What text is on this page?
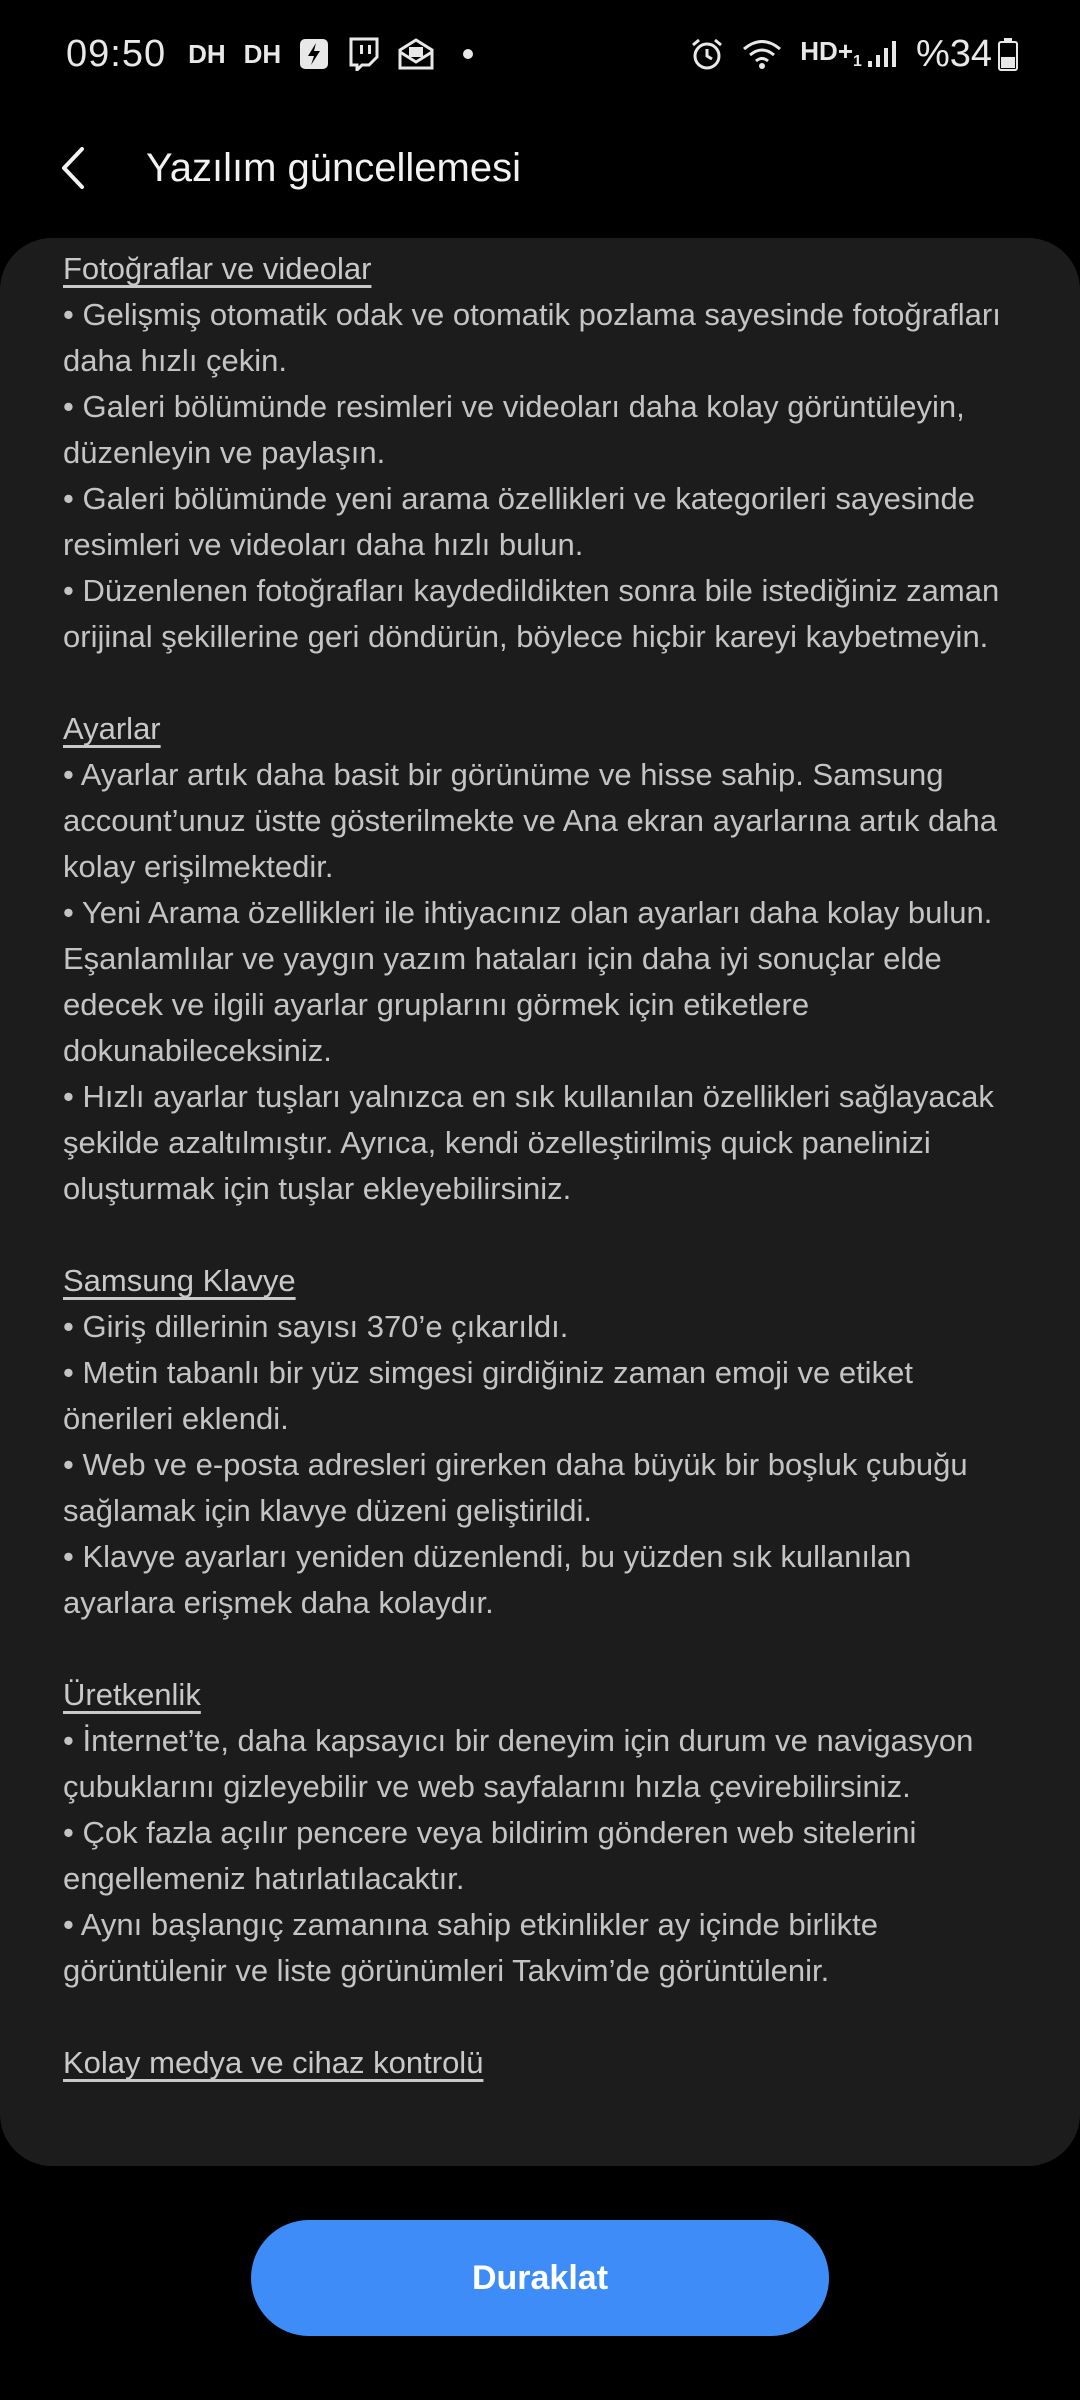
09:50 DH DH	$HD+_1$ %34
Yazılım güncellemesi
Fotoğraflar ve videolar

• Gelişmiş otomatik odak ve otomatik pozlama sayesinde fotoğrafları daha hızlı çekin.

• Galeri bölümünde resimleri ve videoları daha kolay görüntüleyin, düzenleyin ve paylaşın.

• Galeri bölümünde yeni arama özellikleri ve kategorileri sayesinde resimleri ve videoları daha hızlı bulun.

• Düzenlenen fotoğrafları kaydedildikten sonra bile istediğiniz zaman orijinal şekillerine geri döndürün, böylece hiçbir kareyi kaybetmeyin.

Ayarlar

• Ayarlar artık daha basit bir görünüme ve hisse sahip. Samsung account’unuz üstte gösterilmekte ve Ana ekran ayarlarına artık daha kolay erişilmektedir.

• Yeni Arama özellikleri ile ihtiyacınız olan ayarları daha kolay bulun. Eşanlamlılar ve yaygın yazım hataları için daha iyi sonuçlar elde edecek ve ilgili ayarlar gruplarını görmek için etiketlere dokunabileceksiniz.

• Hızlı ayarlar tuşları yalnızca en sık kullanılan özellikleri sağlayacak şekilde azaltılmıştır. Ayrıca, kendi özelleştirilmiş quick panelinizi oluşturmak için tuşlar ekleyebilirsiniz.

Samsung Klavye

• Giriş dillerinin sayısı 370’e çıkarıldı.

• Metin tabanlı bir yüz simgesi girdiğiniz zaman emoji ve etiket önerileri eklendi.

• Web ve e-posta adresleri girerken daha büyük bir boşluk çubuğu sağlamak için klavye düzeni geliştirildi.

• Klavye ayarları yeniden düzenlendi, bu yüzden sık kullanılan ayarlara erişmek daha kolaydır.

Üretkenlik

• İnternet’te, daha kapsayıcı bir deneyim için durum ve navigasyon çubuklarını gizleyebilir ve web sayfalarını hızla çevirebilirsiniz.

• Çok fazla açılır pencere veya bildirim gönderen web sitelerini engellemeniz hatırlatılacaktır.

• Aynı başlangıç zamanına sahip etkinlikler ay içinde birlikte görüntülenir ve liste görünümleri Takvim’de görüntülenir.

Kolay medya ve cihaz kontrolü
Duraklat
